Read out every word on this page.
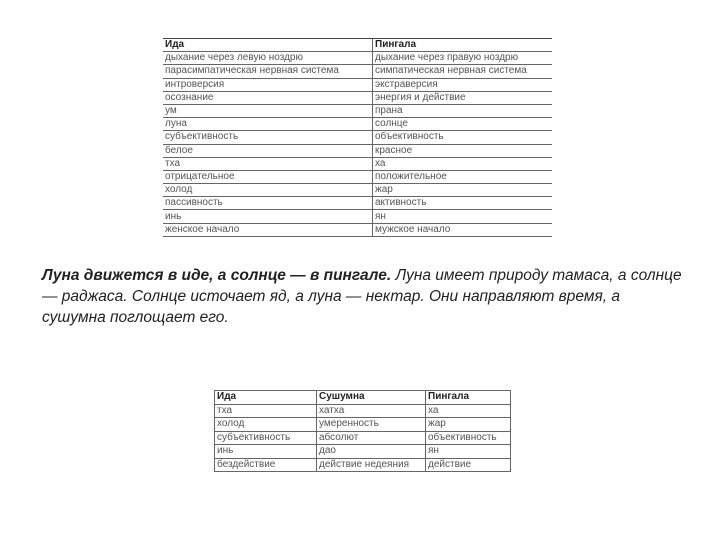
Ида	Пингала
дыхание через левую ноздрю	дыхание через правую ноздрю
парасимпатическая нервная система	симпатическая нервная система
интроверсия	экстраверсия
осознание	энергия и действие
ум	прана
луна	солнце
субъективность	объективность
белое	красное
тха	ха
отрицательное	положительное
холод	жар
пассивность	активность
инь	ян
женское начало	мужское начало

Луна движется в иде, а солнце — в пингале. Луна имеет природу тамаса, а солнце — раджаса. Солнце источает яд, а луна — нектар. Они направляют время, а сушумна поглощает его.

Ида	Сушумна	Пингала
тха	хатха	ха
холод	умеренность	жар
субъективность	абсолют	объективность
инь	дао	ян
бездействие	действие недеяния	действие
